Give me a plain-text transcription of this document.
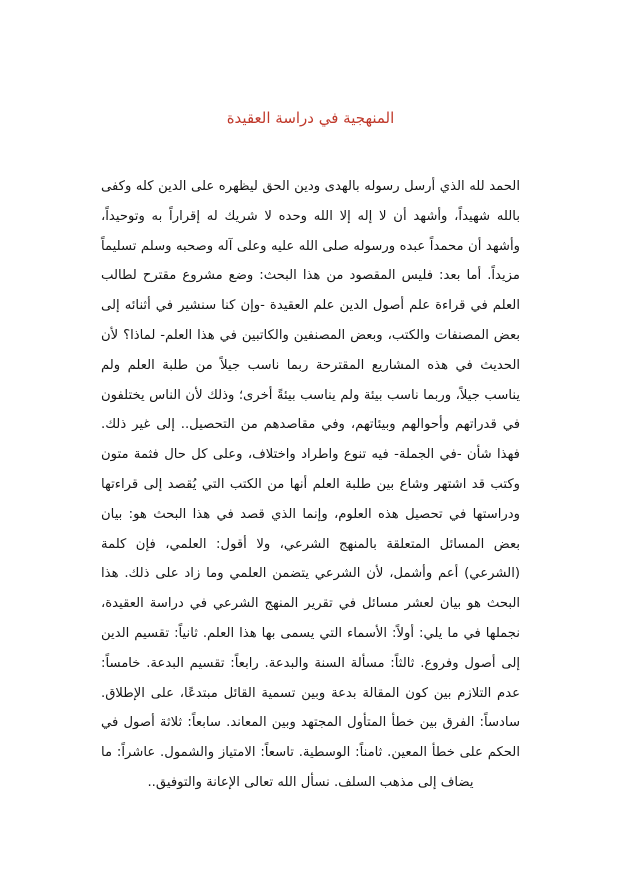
المنهجية في دراسة العقيدة

الحمد لله الذي أرسل رسوله بالهدى ودين الحق ليظهره على الدين كله وكفى بالله شهيداً، وأشهد أن لا إله إلا الله وحده لا شريك له إقراراً به وتوحيداً، وأشهد أن محمداً عبده ورسوله صلى الله عليه وعلى آله وصحبه وسلم تسليماً مزيداً. أما بعد: فليس المقصود من هذا البحث: وضع مشروع مقترح لطالب العلم في قراءة علم أصول الدين علم العقيدة -وإن كنا سنشير في أثنائه إلى بعض المصنفات والكتب، وبعض المصنفين والكاتبين في هذا العلم- لماذا؟ لأن الحديث في هذه المشاريع المقترحة ربما ناسب جيلاً من طلبة العلم ولم يناسب جيلاً، وربما ناسب بيئة ولم يناسب بيئةً أخرى؛ وذلك لأن الناس يختلفون في قدراتهم وأحوالهم وبيئاتهم، وفي مقاصدهم من التحصيل.. إلى غير ذلك. فهذا شأن -في الجملة- فيه تنوع واطراد واختلاف، وعلى كل حال فثمة متون وكتب قد اشتهر وشاع بين طلبة العلم أنها من الكتب التي يُقصد إلى قراءتها ودراستها في تحصيل هذه العلوم، وإنما الذي قصد في هذا البحث هو: بيان بعض المسائل المتعلقة بالمنهج الشرعي، ولا أقول: العلمي، فإن كلمة (الشرعي) أعم وأشمل، لأن الشرعي يتضمن العلمي وما زاد على ذلك. هذا البحث هو بيان لعشر مسائل في تقرير المنهج الشرعي في دراسة العقيدة، نجملها في ما يلي: أولاً: الأسماء التي يسمى بها هذا العلم. ثانياً: تقسيم الدين إلى أصول وفروع. ثالثاً: مسألة السنة والبدعة. رابعاً: تقسيم البدعة. خامساً: عدم التلازم بين كون المقالة بدعة وبين تسمية القائل مبتدعًا، على الإطلاق. سادساً: الفرق بين خطأ المتأول المجتهد وبين المعاند. سابعاً: ثلاثة أصول في الحكم على خطأ المعين. ثامناً: الوسطية. تاسعاً: الامتياز والشمول. عاشراً: ما يضاف إلى مذهب السلف. نسأل الله تعالى الإعانة والتوفيق..
